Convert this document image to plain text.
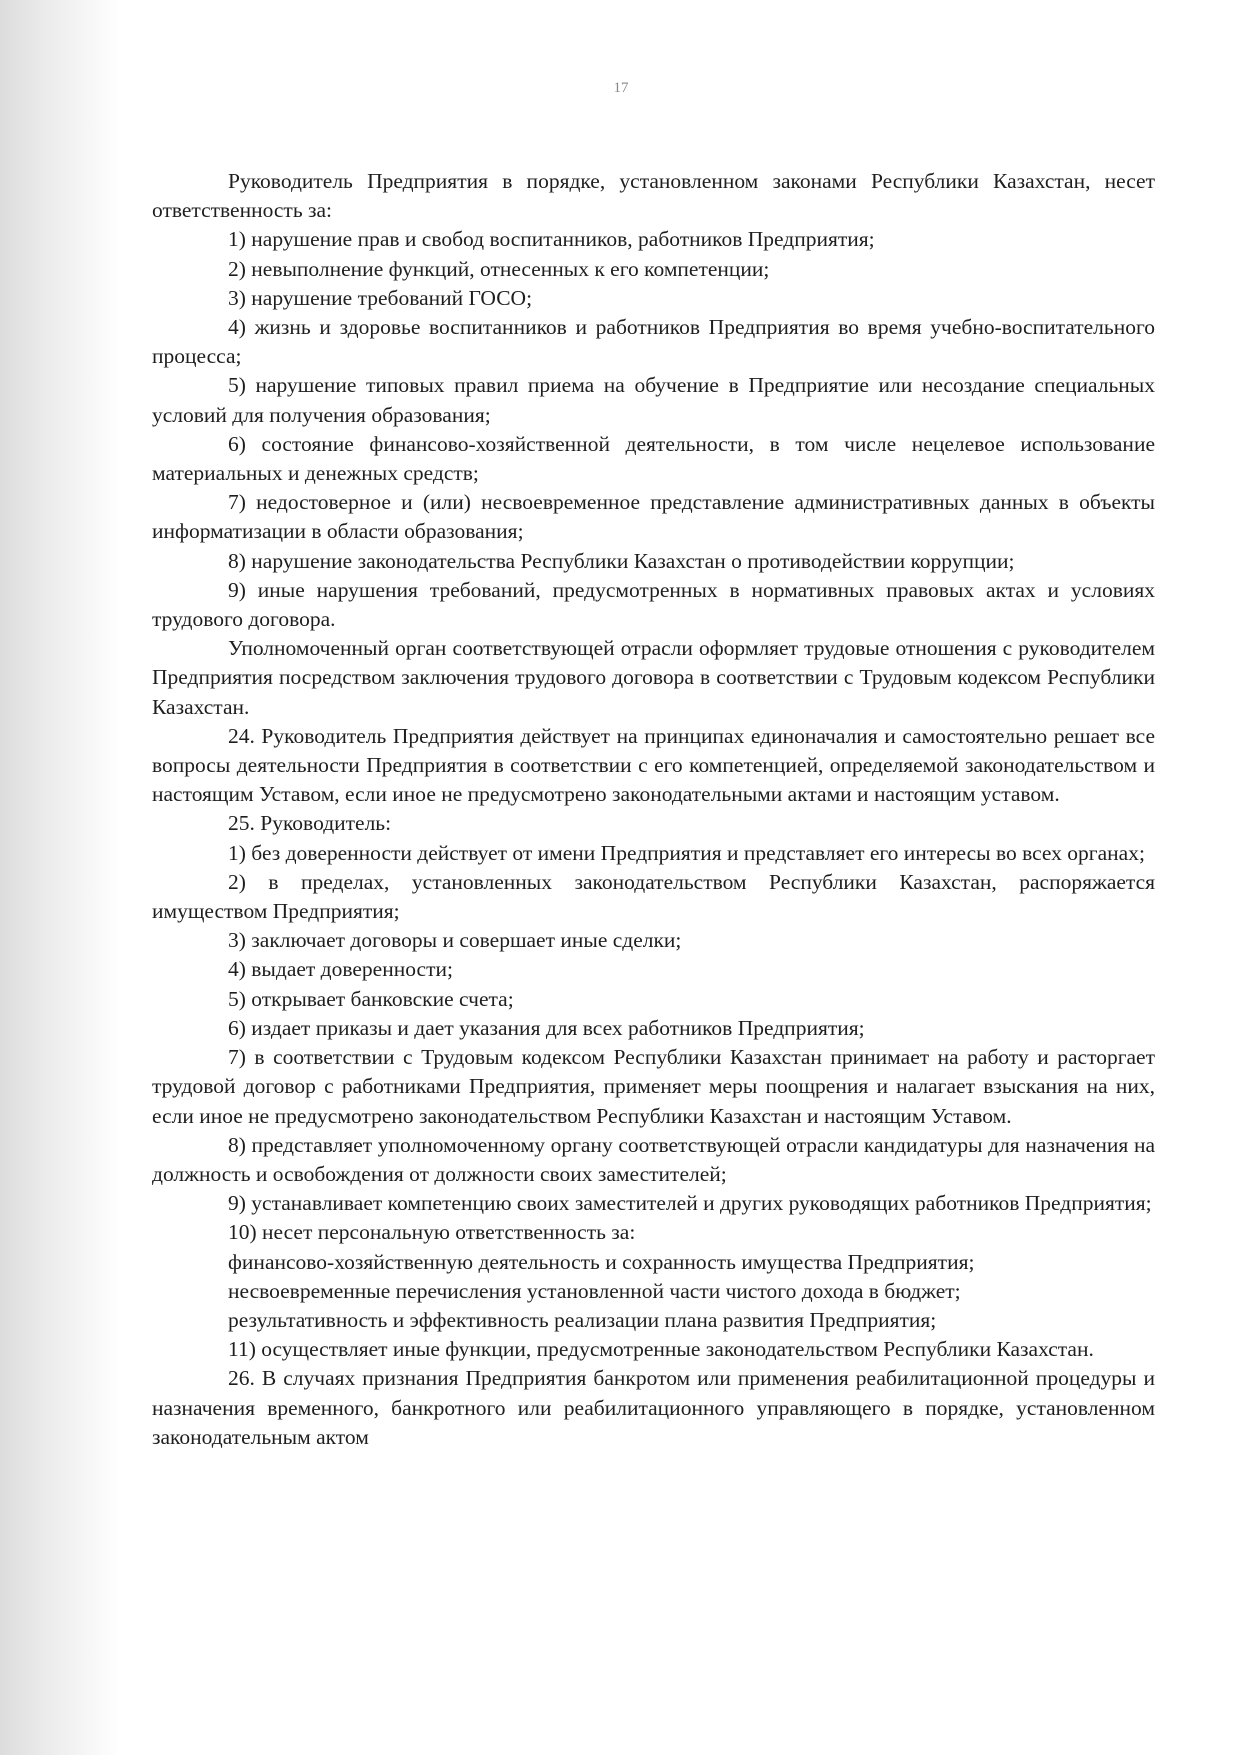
17

Руководитель Предприятия в порядке, установленном законами Республики Казахстан, несет ответственность за:

1) нарушение прав и свобод воспитанников, работников Предприятия;

2) невыполнение функций, отнесенных к его компетенции;

3) нарушение требований ГОСО;

4) жизнь и здоровье воспитанников и работников Предприятия во время учебно-воспитательного процесса;

5) нарушение типовых правил приема на обучение в Предприятие или несоздание специальных условий для получения образования;

6) состояние финансово-хозяйственной деятельности, в том числе нецелевое использование материальных и денежных средств;

7) недостоверное и (или) несвоевременное представление административных данных в объекты информатизации в области образования;

8) нарушение законодательства Республики Казахстан о противодействии коррупции;

9) иные нарушения требований, предусмотренных в нормативных правовых актах и условиях трудового договора.

Уполномоченный орган соответствующей отрасли оформляет трудовые отношения с руководителем Предприятия посредством заключения трудового договора в соответствии с Трудовым кодексом Республики Казахстан.

24. Руководитель Предприятия действует на принципах единоначалия и самостоятельно решает все вопросы деятельности Предприятия в соответствии с его компетенцией, определяемой законодательством и настоящим Уставом, если иное не предусмотрено законодательными актами и настоящим уставом.

25. Руководитель:

1) без доверенности действует от имени Предприятия и представляет его интересы во всех органах;

2) в пределах, установленных законодательством Республики Казахстан, распоряжается имуществом Предприятия;

3) заключает договоры и совершает иные сделки;

4) выдает доверенности;

5) открывает банковские счета;

6) издает приказы и дает указания для всех работников Предприятия;

7) в соответствии с Трудовым кодексом Республики Казахстан принимает на работу и расторгает трудовой договор с работниками Предприятия, применяет меры поощрения и налагает взыскания на них, если иное не предусмотрено законодательством Республики Казахстан и настоящим Уставом.

8) представляет уполномоченному органу соответствующей отрасли кандидатуры для назначения на должность и освобождения от должности своих заместителей;

9) устанавливает компетенцию своих заместителей и других руководящих работников Предприятия;

10) несет персональную ответственность за:

финансово-хозяйственную деятельность и сохранность имущества Предприятия;

несвоевременные перечисления установленной части чистого дохода в бюджет;

результативность и эффективность реализации плана развития Предприятия;

11) осуществляет иные функции, предусмотренные законодательством Республики Казахстан.

26. В случаях признания Предприятия банкротом или применения реабилитационной процедуры и назначения временного, банкротного или реабилитационного управляющего в порядке, установленном законодательным актом
